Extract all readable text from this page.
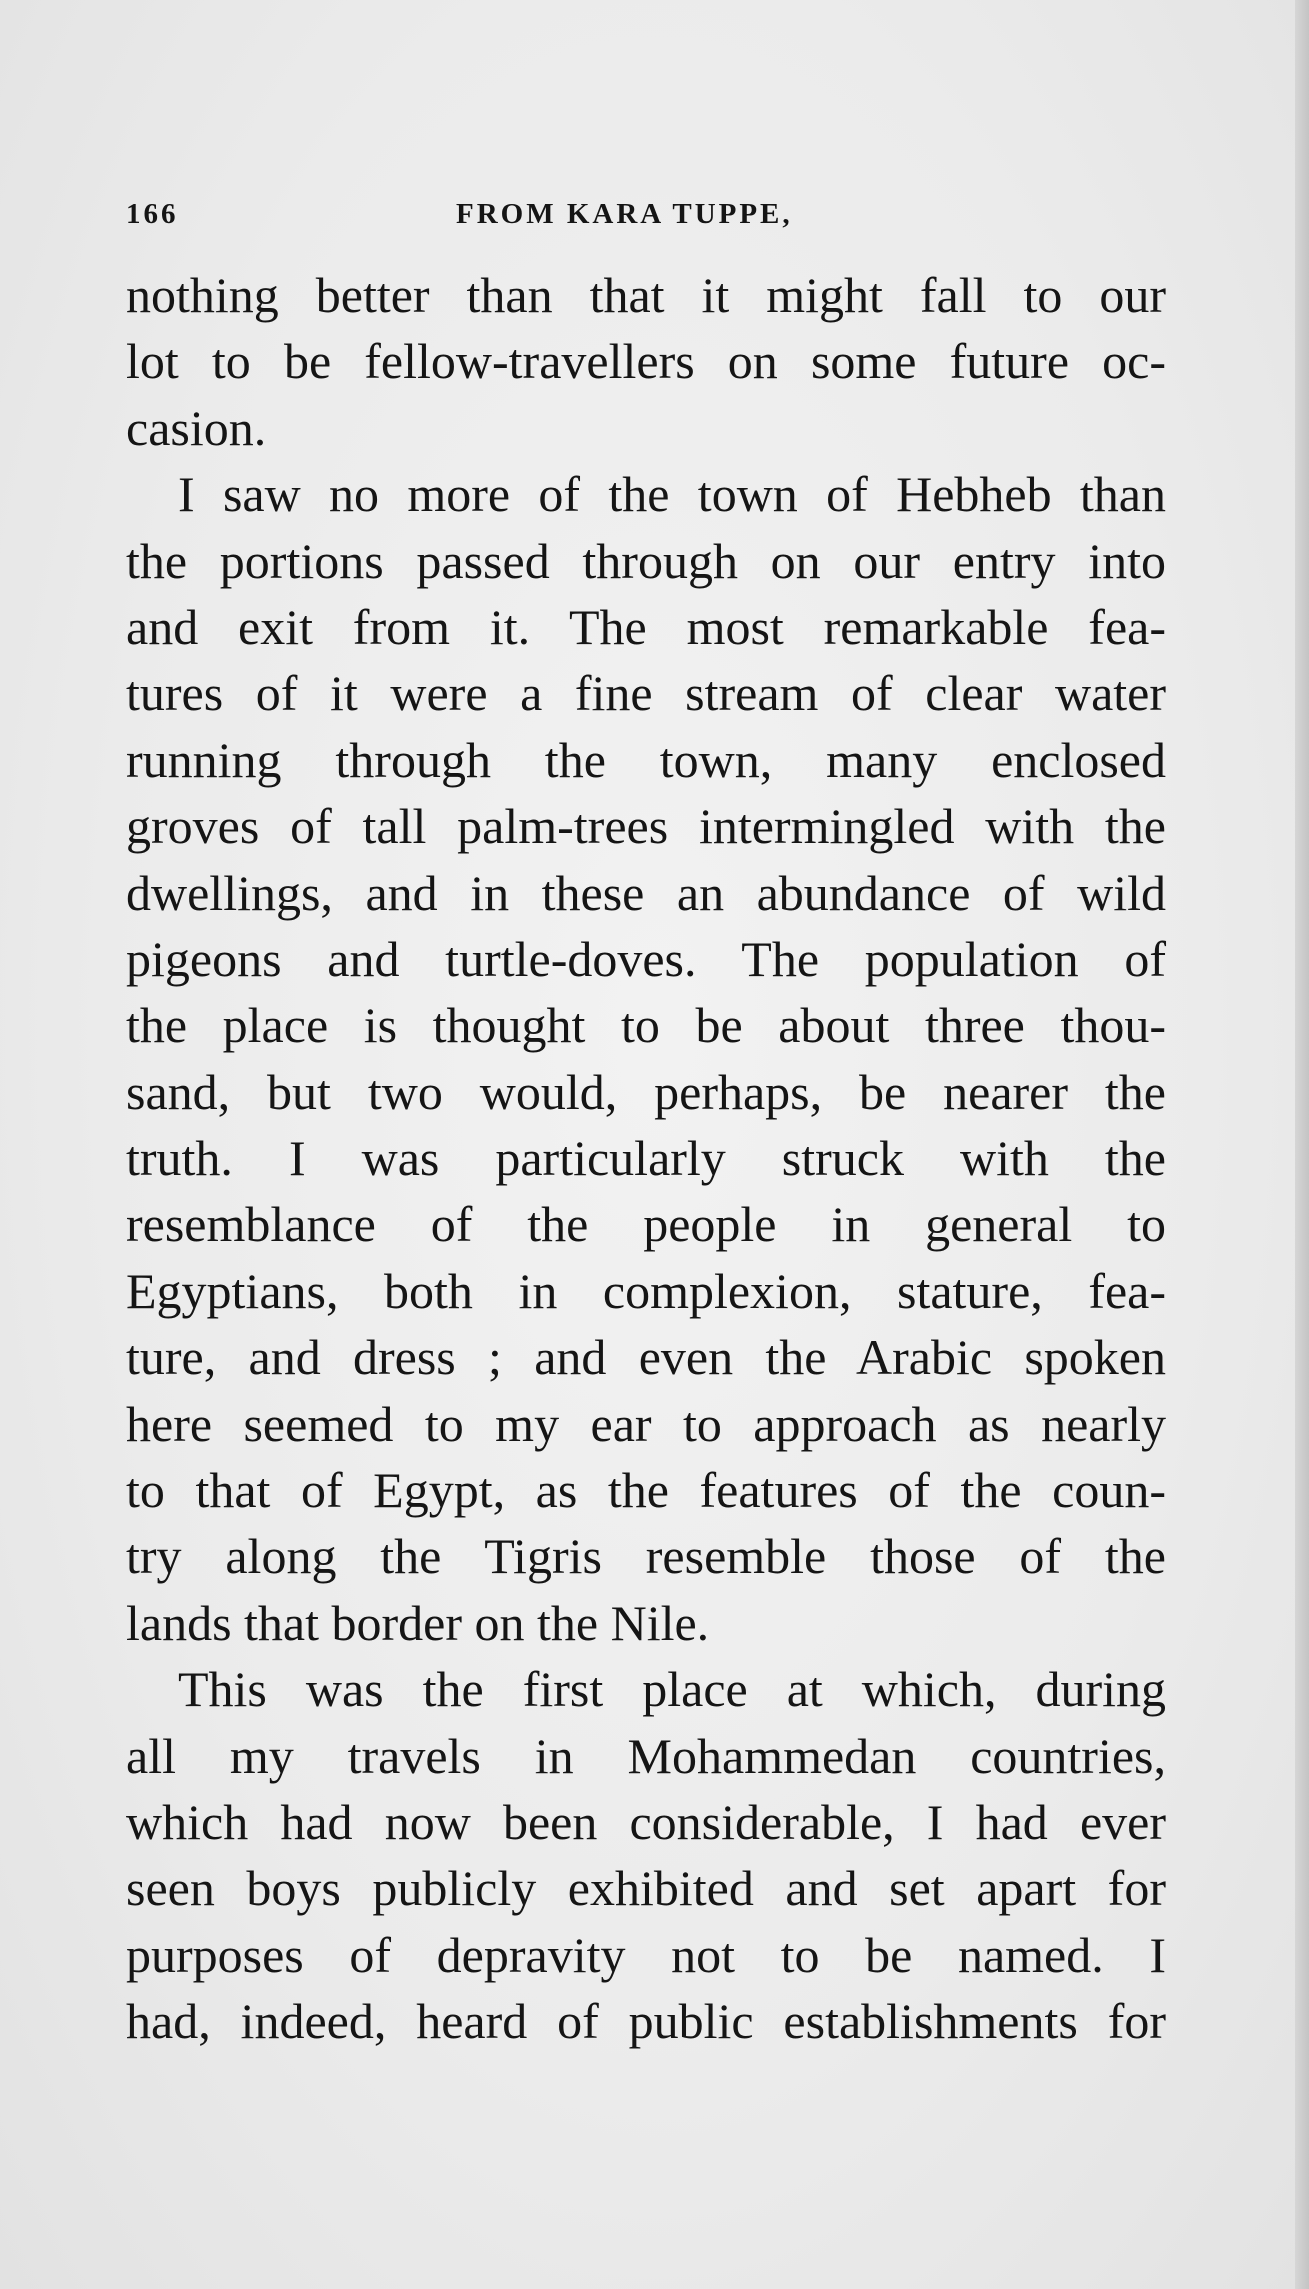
166	FROM KARA TUPPE,
nothing better than that it might fall to our
lot to be fellow-travellers on some future oc-
casion.
I saw no more of the town of Hebheb than
the portions passed through on our entry into
and exit from it. The most remarkable fea-
tures of it were a fine stream of clear water
running through the town, many enclosed
groves of tall palm-trees intermingled with the
dwellings, and in these an abundance of wild
pigeons and turtle-doves. The population of
the place is thought to be about three thou-
sand, but two would, perhaps, be nearer the
truth. I was particularly struck with the
resemblance of the people in general to
Egyptians, both in complexion, stature, fea-
ture, and dress ; and even the Arabic spoken
here seemed to my ear to approach as nearly
to that of Egypt, as the features of the coun-
try along the Tigris resemble those of the
lands that border on the Nile.
This was the first place at which, during
all my travels in Mohammedan countries,
which had now been considerable, I had ever
seen boys publicly exhibited and set apart for
purposes of depravity not to be named. I
had, indeed, heard of public establishments for
